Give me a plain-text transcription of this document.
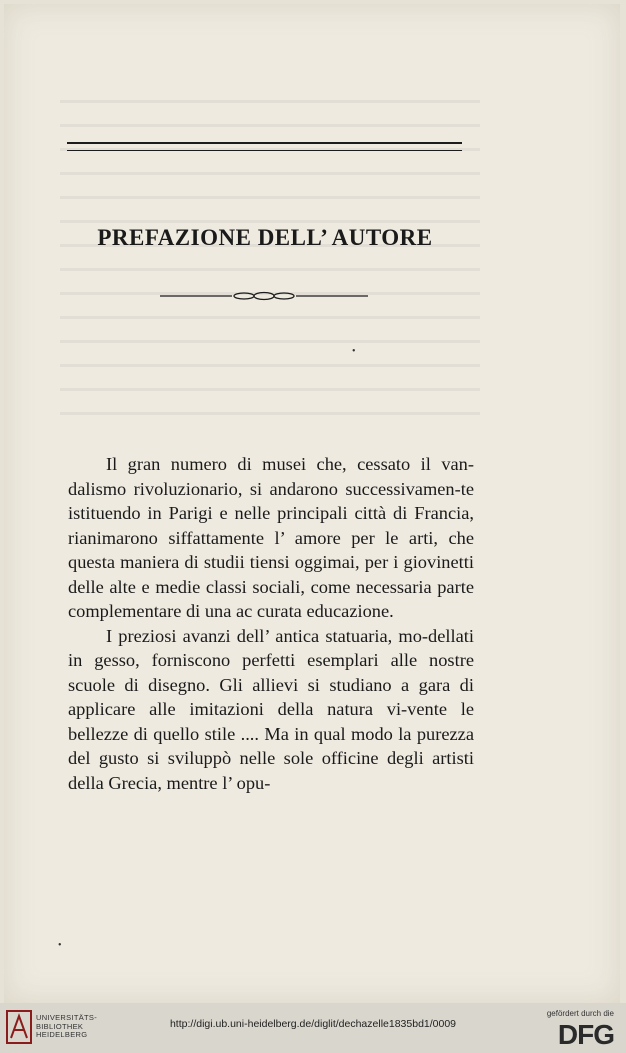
•
•
PREFAZIONE DELL’ AUTORE

Il gran numero di musei che, cessato il van-dalismo rivoluzionario, si andarono successivamen-te istituendo in Parigi e nelle principali città di Francia, rianimarono siffattamente l’ amore per le arti, che questa maniera di studii tiensi oggimai, per i giovinetti delle alte e medie classi sociali, come necessaria parte complementare di una ac curata educazione.

I preziosi avanzi dell’ antica statuaria, mo-dellati in gesso, forniscono perfetti esemplari alle nostre scuole di disegno. Gli allievi si studiano a gara di applicare alle imitazioni della natura vi-vente le bellezze di quello stile .... Ma in qual modo la purezza del gusto si sviluppò nelle sole officine degli artisti della Grecia, mentre l’ opu-

UNIVERSITÄTS-
BIBLIOTHEK
HEIDELBERG
http://digi.ub.uni-heidelberg.de/diglit/dechazelle1835bd1/0009
gefördert durch die
DFG
